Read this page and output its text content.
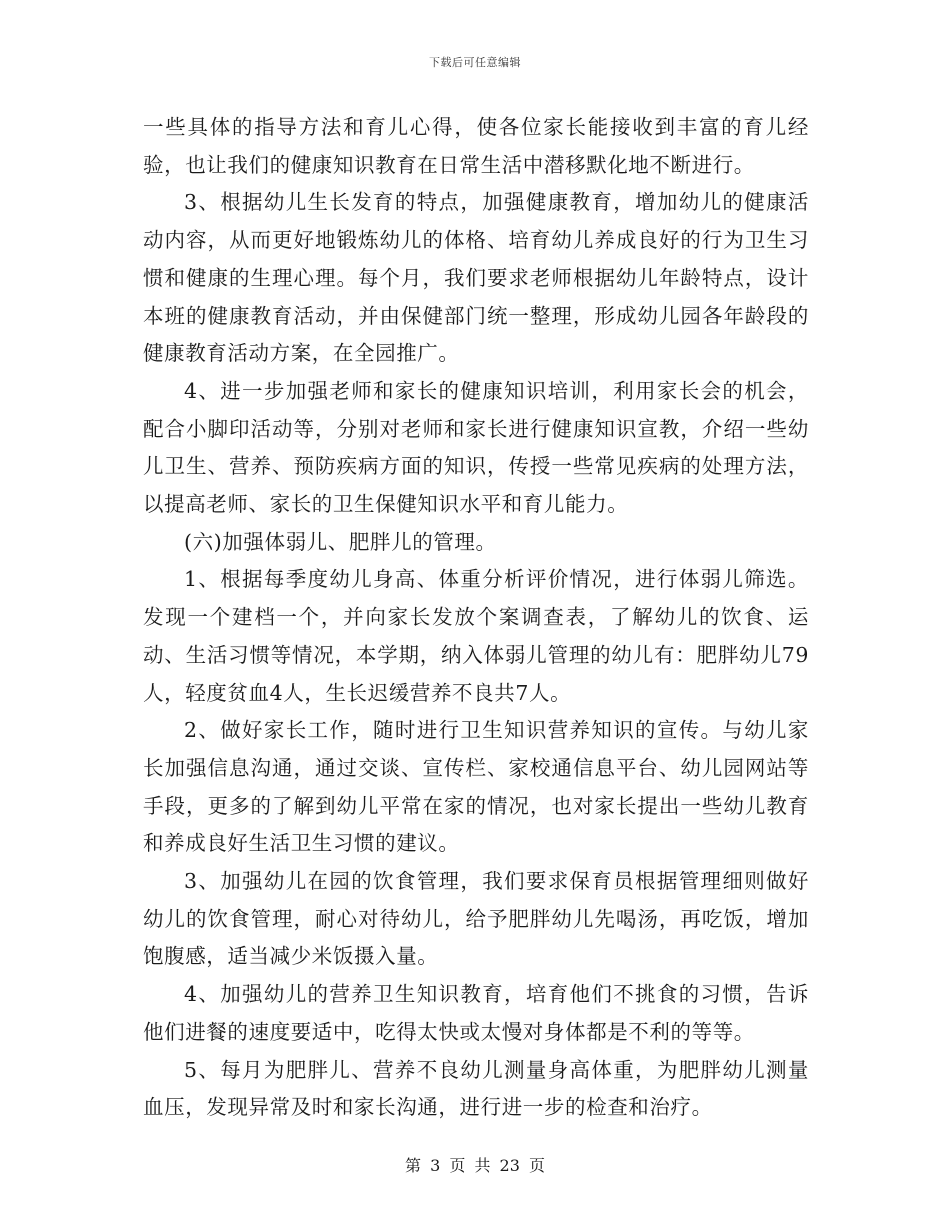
下载后可任意编辑

一些具体的指导方法和育儿心得，使各位家长能接收到丰富的育儿经验，也让我们的健康知识教育在日常生活中潜移默化地不断进行。

3、根据幼儿生长发育的特点，加强健康教育，增加幼儿的健康活动内容，从而更好地锻炼幼儿的体格、培育幼儿养成良好的行为卫生习惯和健康的生理心理。每个月，我们要求老师根据幼儿年龄特点，设计本班的健康教育活动，并由保健部门统一整理，形成幼儿园各年龄段的健康教育活动方案，在全园推广。

4、进一步加强老师和家长的健康知识培训，利用家长会的机会，配合小脚印活动等，分别对老师和家长进行健康知识宣教，介绍一些幼儿卫生、营养、预防疾病方面的知识，传授一些常见疾病的处理方法，以提高老师、家长的卫生保健知识水平和育儿能力。

(六)加强体弱儿、肥胖儿的管理。

1、根据每季度幼儿身高、体重分析评价情况，进行体弱儿筛选。发现一个建档一个，并向家长发放个案调查表，了解幼儿的饮食、运动、生活习惯等情况，本学期，纳入体弱儿管理的幼儿有：肥胖幼儿79人，轻度贫血4人，生长迟缓营养不良共7人。

2、做好家长工作，随时进行卫生知识营养知识的宣传。与幼儿家长加强信息沟通，通过交谈、宣传栏、家校通信息平台、幼儿园网站等手段，更多的了解到幼儿平常在家的情况，也对家长提出一些幼儿教育和养成良好生活卫生习惯的建议。

3、加强幼儿在园的饮食管理，我们要求保育员根据管理细则做好幼儿的饮食管理，耐心对待幼儿，给予肥胖幼儿先喝汤，再吃饭，增加饱腹感，适当减少米饭摄入量。

4、加强幼儿的营养卫生知识教育，培育他们不挑食的习惯，告诉他们进餐的速度要适中，吃得太快或太慢对身体都是不利的等等。

5、每月为肥胖儿、营养不良幼儿测量身高体重，为肥胖幼儿测量血压，发现异常及时和家长沟通，进行进一步的检查和治疗。

第 3 页 共 23 页
